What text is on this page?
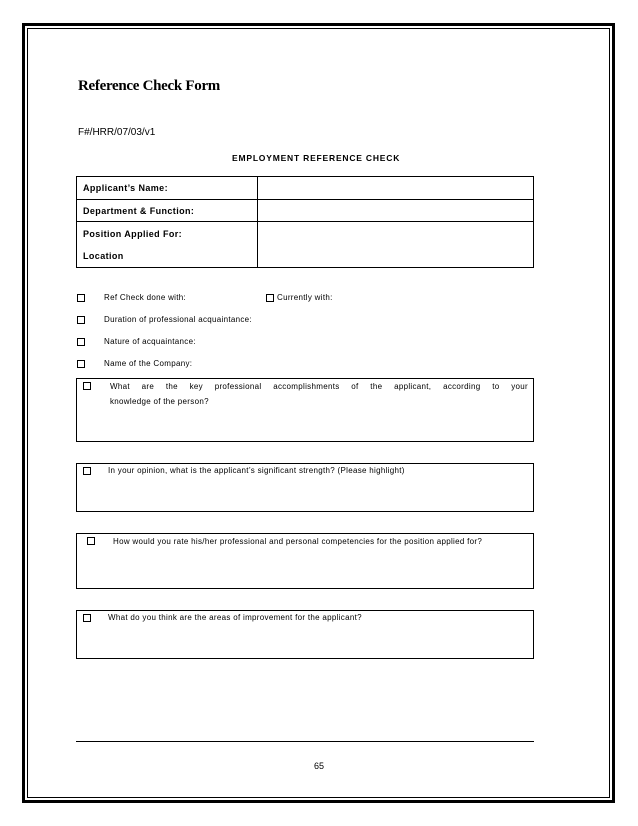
Reference Check Form
F#/HRR/07/03/v1
EMPLOYMENT REFERENCE CHECK
Applicant’s Name:	
Department & Function:	

Position Applied For:
Location	

Ref Check done with:	Currently with:
Duration of professional acquaintance:
Nature of acquaintance:
Name of the Company:
What are the key professional accomplishments of the applicant, according to your
knowledge of the person?
In your opinion, what is the applicant’s significant strength? (Please highlight)
How would you rate his/her professional and personal competencies for the position applied for?
What do you think are the areas of improvement for the applicant?
65
